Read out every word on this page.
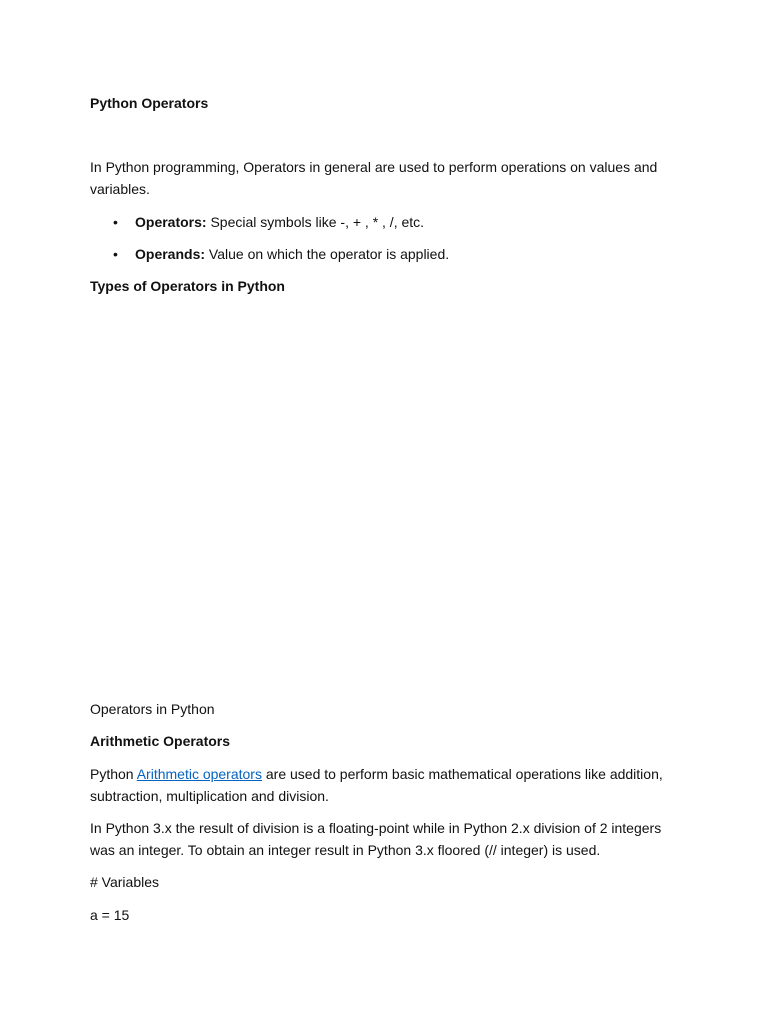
Python Operators
In Python programming, Operators in general are used to perform operations on values and variables.
• Operators: Special symbols like -, + , * , /, etc.
• Operands: Value on which the operator is applied.
Types of Operators in Python
Operators in Python
Arithmetic Operators
Python Arithmetic operators are used to perform basic mathematical operations like addition, subtraction, multiplication and division.
In Python 3.x the result of division is a floating-point while in Python 2.x division of 2 integers was an integer. To obtain an integer result in Python 3.x floored (// integer) is used.
# Variables
a = 15
